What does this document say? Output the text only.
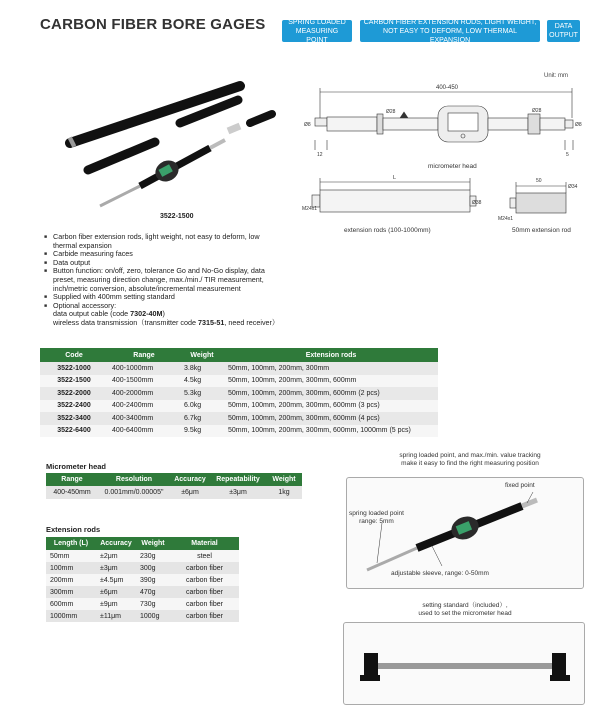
CARBON FIBER BORE GAGES	SPRING LOADED MEASURING POINT
CARBON FIBER EXTENSION RODS, LIGHT WEIGHT, NOT EASY TO DEFORM, LOW THERMAL EXPANSION
DATA OUTPUT
3522-1500
Unit: mm
400-450
Ø8
Ø28	Ø28
Ø8
12	5
micrometer head
L
Ø38
M24x1
extension rods (100-1000mm)
50
Ø34
M24x1
50mm extension rod
■ Carbon fiber extension rods, light weight, not easy to deform, low thermal expansion
■ Carbide measuring faces
■ Data output
■ Button function: on/off, zero, tolerance Go and No-Go display, data preset, measuring direction change, max./min./ TIR measurement, inch/metric conversion, absolute/incremental measurement
■ Supplied with 400mm setting standard
■ Optional accessory:
data output cable (code 7302-40M)
wireless data transmission（transmitter code 7315-51, need receiver）
Code	Range	Weight	Extension rods
3522-1000	400-1000mm	3.8kg	50mm, 100mm, 200mm, 300mm
3522-1500	400-1500mm	4.5kg	50mm, 100mm, 200mm, 300mm, 600mm
3522-2000	400-2000mm	5.3kg	50mm, 100mm, 200mm, 300mm, 600mm (2 pcs)
3522-2400	400-2400mm	6.0kg	50mm, 100mm, 200mm, 300mm, 600mm (3 pcs)
3522-3400	400-3400mm	6.7kg	50mm, 100mm, 200mm, 300mm, 600mm (4 pcs)
3522-6400	400-6400mm	9.5kg	50mm, 100mm, 200mm, 300mm, 600mm, 1000mm (5 pcs)
Micrometer head
Range	Resolution	Accuracy	Repeatability	Weight
400-450mm	0.001mm/0.00005"	±6μm	±3μm	1kg
Extension rods
Length (L)	Accuracy	Weight	Material
50mm	±2μm	230g	steel
100mm	±3μm	300g	carbon fiber
200mm	±4.5μm	390g	carbon fiber
300mm	±6μm	470g	carbon fiber
600mm	±9μm	730g	carbon fiber
1000mm	±11μm	1000g	carbon fiber
spring loaded point, and max./min. value tracking
make it easy to find the right measuring position
fixed point
spring loaded point
range: 5mm
adjustable sleeve, range: 0-50mm
setting standard（included）,
used to set the micrometer head
